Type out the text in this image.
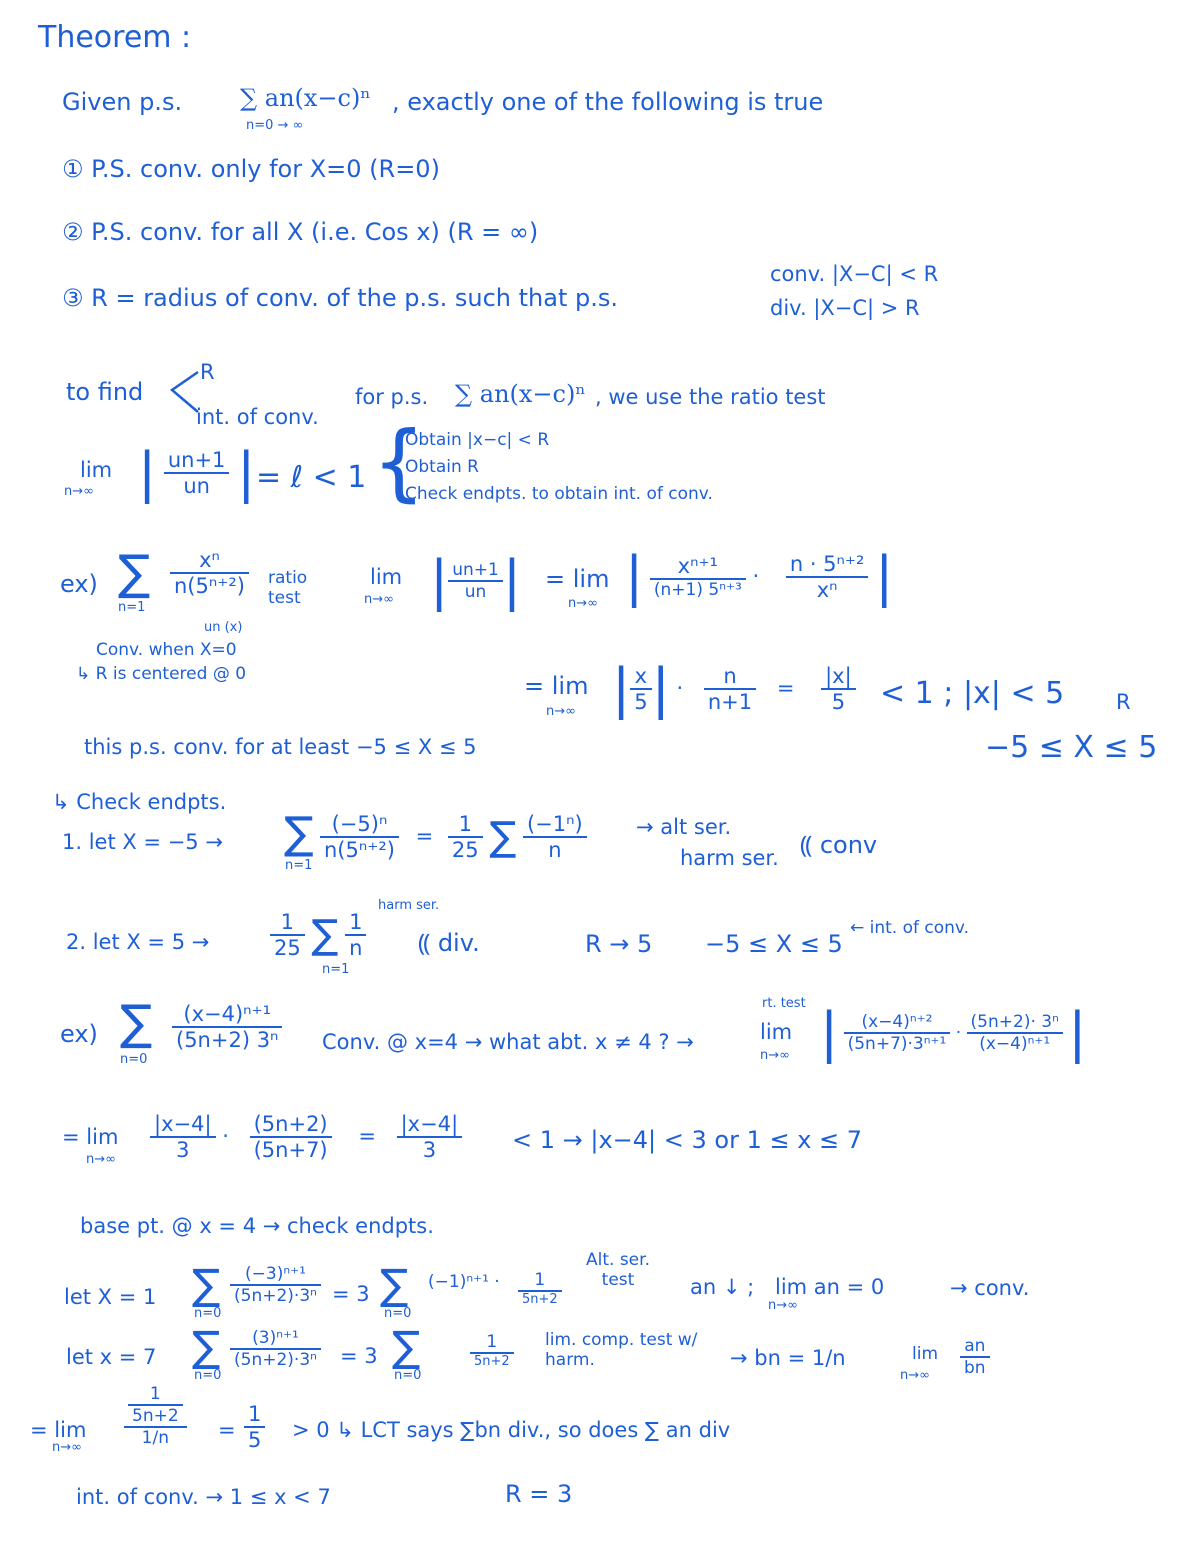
Theorem :
Given p.s. ∑ an(x−c)ⁿ
n=0 → ∞
, exactly one of the following is true
① P.S. conv. only for X=0 (R=0)
② P.S. conv. for all X (i.e. Cos x) (R = ∞)
③ R = radius of conv. of the p.s. such that p.s.
conv. |X−C| < R
div. |X−C| > R
to find
R
int. of conv.
for p.s. ∑ an(x−c)ⁿ , we use the ratio test
lim
n→∞ | $\frac{un+1}{un}$ | = ℓ < 1 {
Obtain |x−c| < R
Obtain R
Check endpts. to obtain int. of conv.
ex) ∑
n=1
$\frac{\text{xⁿ}}{\text{n(5ⁿ⁺²)}}$
un (x)
ratio test
lim
n→∞ | $\frac{un+1}{un}$ | = lim
n→∞ | $\frac{\text{xⁿ⁺¹}}{\text{(n+1) 5ⁿ⁺³}} \cdot \frac{\text{n · 5ⁿ⁺²}}{\text{xⁿ}}$ |
Conv. when X=0
↳ R is centered @ 0	= lim
n→∞ | $\frac{x}{5}$ | · $\frac{n}{n+1} = \frac{|x|}{5} < 1$ ; |x| < 5 R
−5 ≤ X ≤ 5
this p.s. conv. for at least −5 ≤ X ≤ 5
↳ Check endpts.
1. let X = −5 → ∑
n=1
$\frac{\text{(−5)ⁿ}}{\text{n(5ⁿ⁺²)}} = \frac{1}{25}$ ∑ $\frac{\text{(−1ⁿ)}}{n}$ → alt ser.
harm ser. ⸨ conv
harm ser.
2. let X = 5 →	$\frac{1}{25}$ ∑ $\frac{1}{n}$
n=1
⸨ div.	R → 5 −5 ≤ X ≤ 5
← int. of conv.
ex) ∑
n=0
$\frac{\text{(x−4)ⁿ⁺¹}}{\text{(5n+2) 3ⁿ}}$ Conv. @ x=4 → what abt. x ≠ 4 ? →
rt. test
lim
n→∞ | $\frac{\text{(x−4)ⁿ⁺²}}{\text{(5n+7)·3ⁿ⁺¹}} \cdot \frac{\text{(5n+2)· 3ⁿ}}{\text{(x−4)ⁿ⁺¹}}$ |
= lim
$n\to\infty \frac{|x-4|}{3} \cdot \frac{(5n+2)}{(5n+7)} = \frac{|x-4|}{3} < 1 \to |x-4| < 3$ or 1 ≤ x ≤ 7
base pt. @ x = 4 → check endpts.
let X = 1 ∑
n=0
$\frac{\text{(−3)ⁿ⁺¹}}{\text{(5n+2)·3ⁿ}} = 3$ ∑
n=0
$(-1)^{n+1} \cdot \frac{1}{5n+2}$
Alt. ser. test	an ↓ ; lim an = 0
n→∞
→ conv.
let x = 7 ∑
n=0
$\frac{\text{(3)ⁿ⁺¹}}{\text{(5n+2)·3ⁿ}} = 3$ ∑
n=0
$\frac{1}{5n+2} \lim$. comp. test w/ harm.	→ bn = 1/n	lim
$n\to\infty \frac{an}{bn}$
= lim
$n\to\infty \frac{\frac{1}{5n+2}}{1/n} = \frac{1}{5} > 0$ ↳ LCT says ∑bn div., so does ∑ an div
int. of conv. → 1 ≤ x < 7	R = 3
